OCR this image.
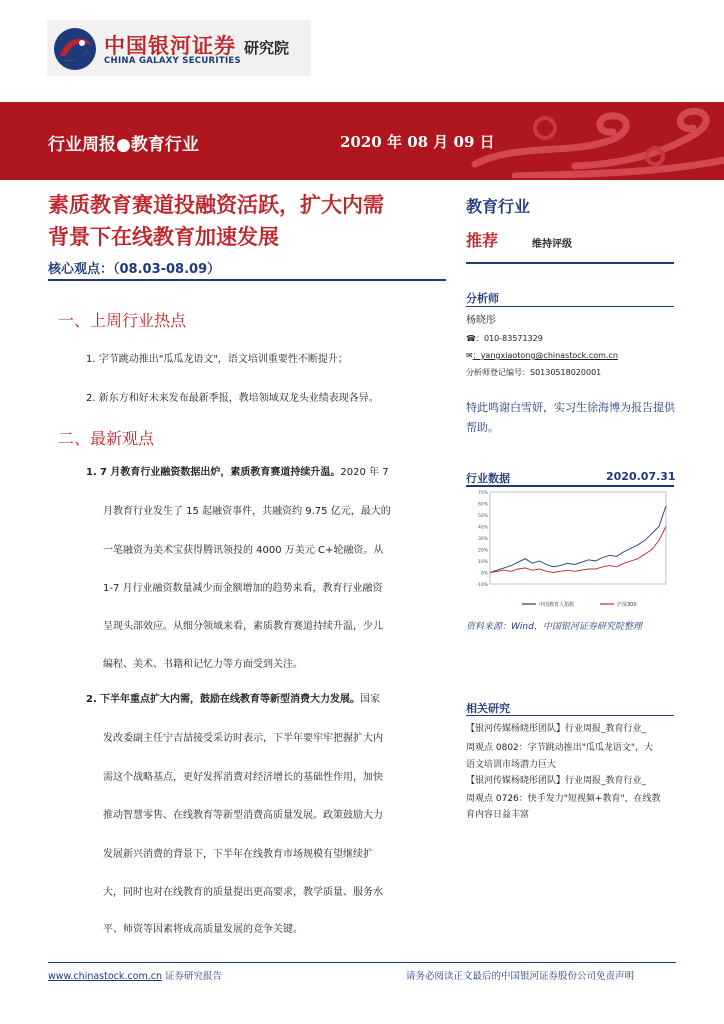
中国银河证券
CHINA GALAXY SECURITIES
研究院
行业周报●教育行业	2020 年 08 月 09 日
素质教育赛道投融资活跃，扩大内需
背景下在线教育加速发展
核心观点：（08.03-08.09）
一、上周行业热点
1. 字节跳动推出"瓜瓜龙语文"，语文培训重要性不断提升；
2. 新东方和好未来发布最新季报，教培领域双龙头业绩表现各异。
二、最新观点
1. 7 月教育行业融资数据出炉，素质教育赛道持续升温。2020 年 7
月教育行业发生了 15 起融资事件，共融资约 9.75 亿元，最大的
一笔融资为美术宝获得腾讯领投的 4000 万美元 C+轮融资。从
1-7 月行业融资数量减少而金额增加的趋势来看，教育行业融资
呈现头部效应。从细分领域来看，素质教育赛道持续升温，少儿
编程、美术、书籍和记忆力等方面受到关注。
2. 下半年重点扩大内需，鼓励在线教育等新型消费大力发展。国家
发改委副主任宁吉喆接受采访时表示，下半年要牢牢把握扩大内
需这个战略基点，更好发挥消费对经济增长的基础性作用，加快
推动智慧零售、在线教育等新型消费高质量发展。政策鼓励大力
发展新兴消费的背景下，下半年在线教育市场规模有望继续扩
大，同时也对在线教育的质量提出更高要求，教学质量、服务水
平、师资等因素将成高质量发展的竞争关键。
教育行业
推荐	维持评级
分析师
杨晓彤
☎：010-83571329
✉：yangxiaotong@chinastock.com.cn
分析师登记编号：S0130518020001
特此鸣谢白雪妍，实习生徐海博为报告提供帮助。
行业数据	2020.07.31
70%
60%
50%
40%
30%
20%
10%
0%
-10%
·	·	·	·	·	·	·	·	·	·
中国教育人指数	沪深300
资料来源：Wind，中国银河证券研究院整理
相关研究
【银河传媒杨晓彤团队】行业周报_教育行业_
周观点 0802：字节跳动推出"瓜瓜龙语文"，大
语文培训市场潜力巨大
【银河传媒杨晓彤团队】行业周报_教育行业_
周观点 0726：快手发力"短视频+教育"，在线教
育内容日益丰富
www.chinastock.com.cn 证券研究报告	请务必阅读正文最后的中国银河证券股份公司免责声明
